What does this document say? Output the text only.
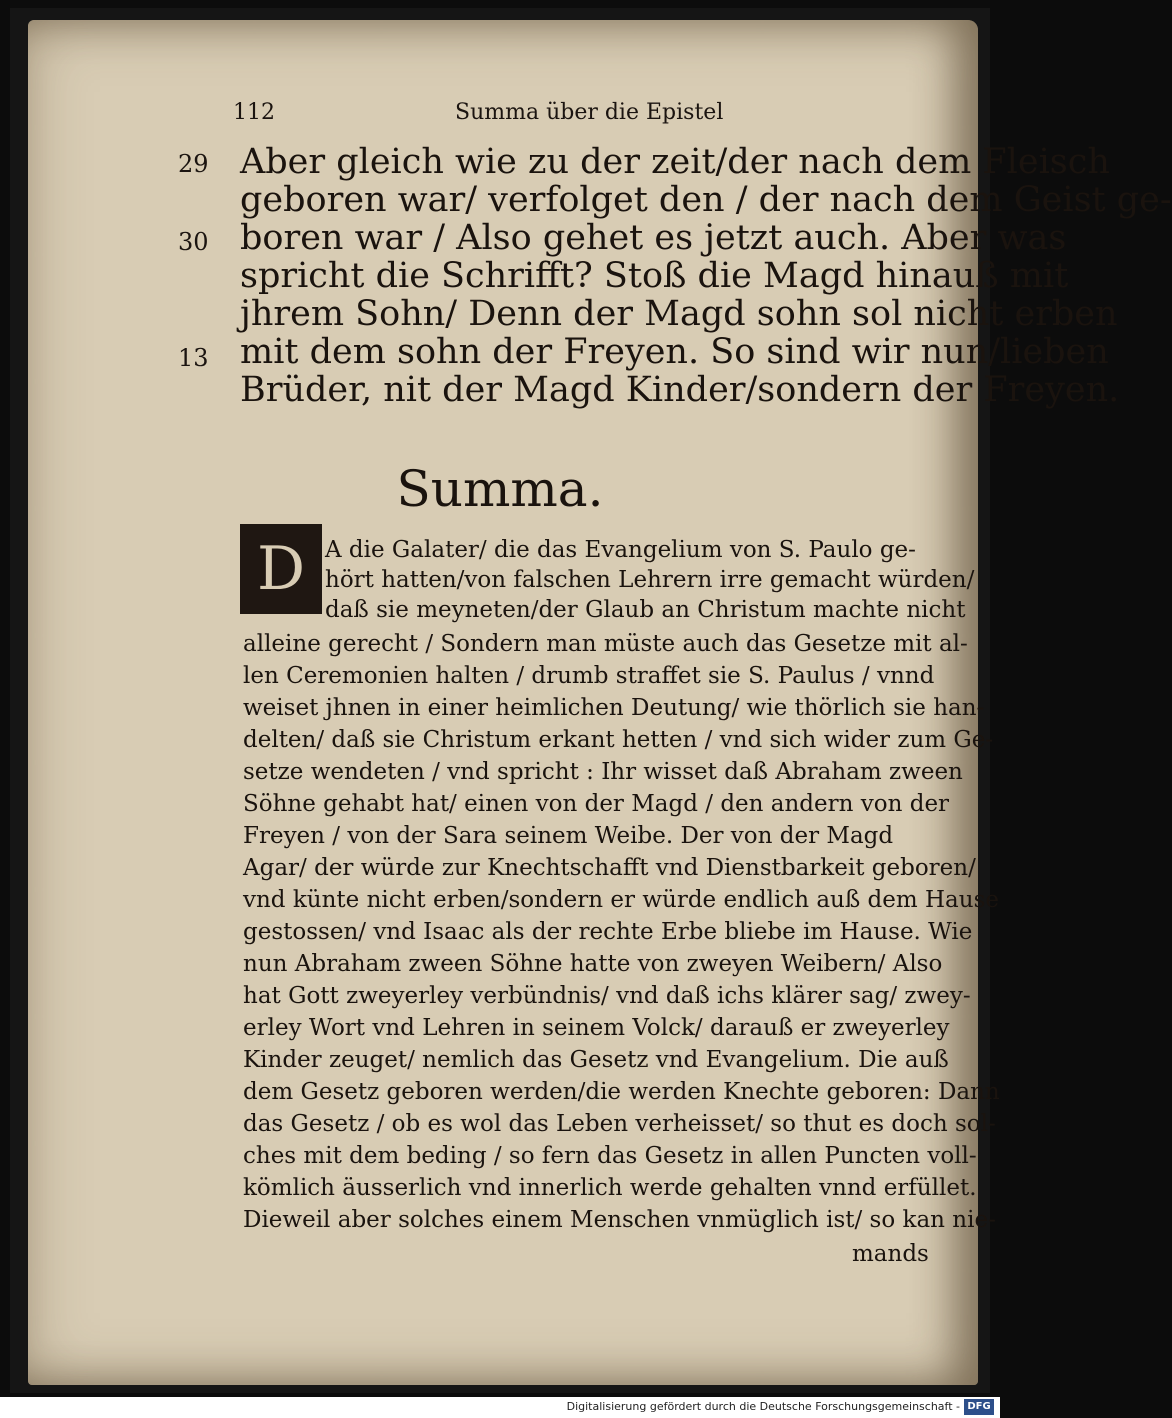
112	Summa über die Epistel
29
30
13
Aber gleich wie zu der zeit/der nach dem Fleisch
geboren war/ verfolget den / der nach dem Geist ge-
boren war / Also gehet es jetzt auch. Aber was
spricht die Schrifft? Stoß die Magd hinauß mit
jhrem Sohn/ Denn der Magd sohn sol nicht erben
mit dem sohn der Freyen. So sind wir nun/lieben
Brüder, nit der Magd Kinder/sondern der Freyen.
Summa.
D A die Galater/ die das Evangelium von S. Paulo ge-
hört hatten/von falschen Lehrern irre gemacht würden/
daß sie meyneten/der Glaub an Christum machte nicht
alleine gerecht / Sondern man müste auch das Gesetze mit al-
len Ceremonien halten / drumb straffet sie S. Paulus / vnnd
weiset jhnen in einer heimlichen Deutung/ wie thörlich sie han-
delten/ daß sie Christum erkant hetten / vnd sich wider zum Ge-
setze wendeten / vnd spricht : Ihr wisset daß Abraham zween
Söhne gehabt hat/ einen von der Magd / den andern von der
Freyen / von der Sara seinem Weibe. Der von der Magd
Agar/ der würde zur Knechtschafft vnd Dienstbarkeit geboren/
vnd künte nicht erben/sondern er würde endlich auß dem Hause
gestossen/ vnd Isaac als der rechte Erbe bliebe im Hause. Wie
nun Abraham zween Söhne hatte von zweyen Weibern/ Also
hat Gott zweyerley verbündnis/ vnd daß ichs klärer sag/ zwey-
erley Wort vnd Lehren in seinem Volck/ darauß er zweyerley
Kinder zeuget/ nemlich das Gesetz vnd Evangelium. Die auß
dem Gesetz geboren werden/die werden Knechte geboren: Dann
das Gesetz / ob es wol das Leben verheisset/ so thut es doch sol-
ches mit dem beding / so fern das Gesetz in allen Puncten voll-
kömlich äusserlich vnd innerlich werde gehalten vnnd erfüllet.
Dieweil aber solches einem Menschen vnmüglich ist/ so kan nie-
mands
Digitalisierung gefördert durch die Deutsche Forschungsgemeinschaft - DFG
